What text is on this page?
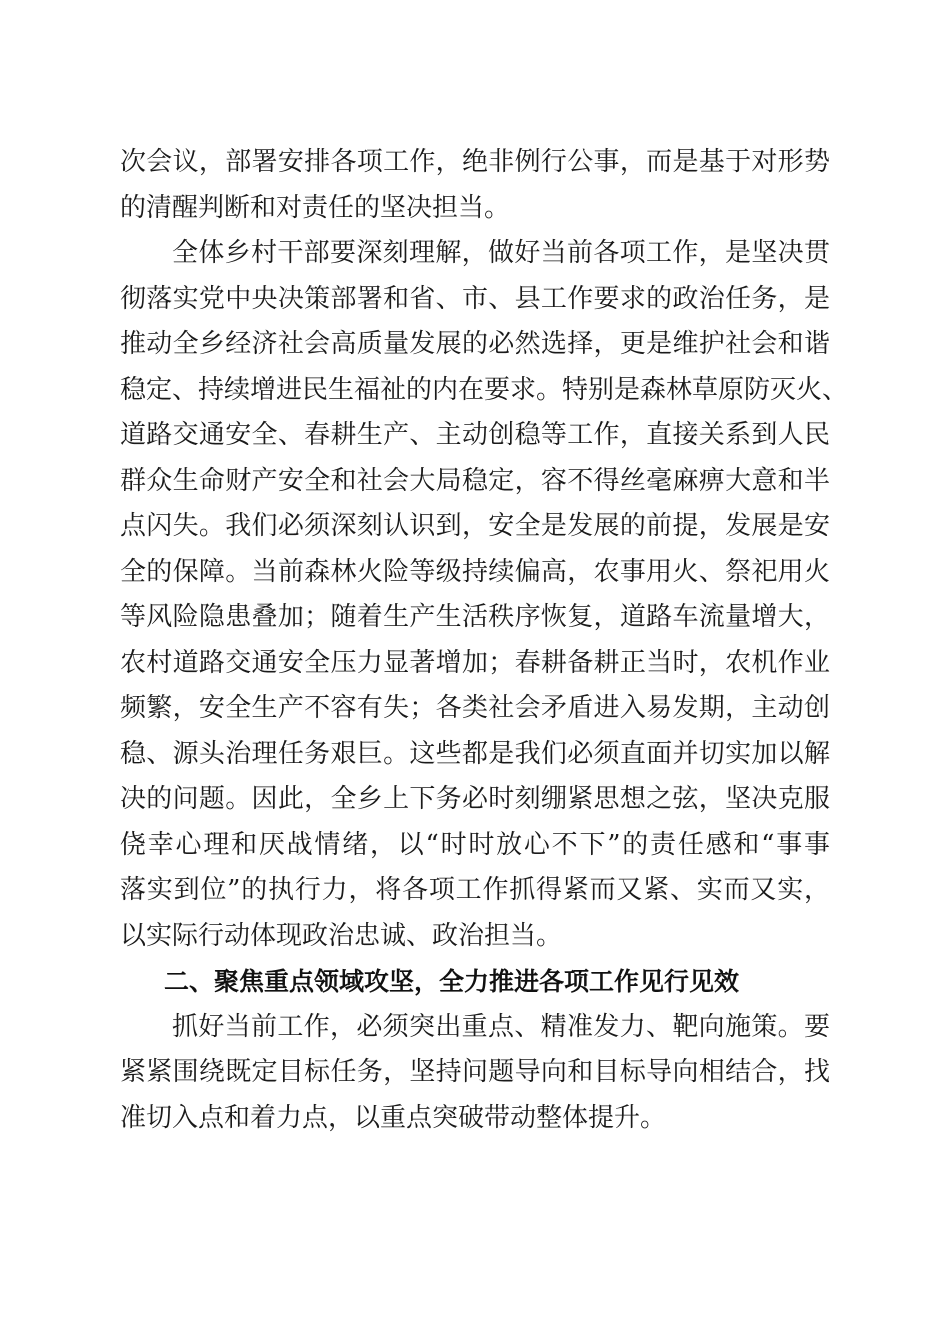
次会议，部署安排各项工作，绝非例行公事，而是基于对形势
的清醒判断和对责任的坚决担当。
全体乡村干部要深刻理解，做好当前各项工作，是坚决贯
彻落实党中央决策部署和省、市、县工作要求的政治任务，是
推动全乡经济社会高质量发展的必然选择，更是维护社会和谐
稳定、持续增进民生福祉的内在要求。特别是森林草原防灭火、
道路交通安全、春耕生产、主动创稳等工作，直接关系到人民
群众生命财产安全和社会大局稳定，容不得丝毫麻痹大意和半
点闪失。我们必须深刻认识到，安全是发展的前提，发展是安
全的保障。当前森林火险等级持续偏高，农事用火、祭祀用火
等风险隐患叠加；随着生产生活秩序恢复，道路车流量增大，
农村道路交通安全压力显著增加；春耕备耕正当时，农机作业
频繁，安全生产不容有失；各类社会矛盾进入易发期，主动创
稳、源头治理任务艰巨。这些都是我们必须直面并切实加以解
决的问题。因此，全乡上下务必时刻绷紧思想之弦，坚决克服
侥幸心理和厌战情绪，以“时时放心不下”的责任感和“事事
落实到位”的执行力，将各项工作抓得紧而又紧、实而又实，
以实际行动体现政治忠诚、政治担当。
二、聚焦重点领域攻坚，全力推进各项工作见行见效
抓好当前工作，必须突出重点、精准发力、靶向施策。要
紧紧围绕既定目标任务，坚持问题导向和目标导向相结合，找
准切入点和着力点，以重点突破带动整体提升。
